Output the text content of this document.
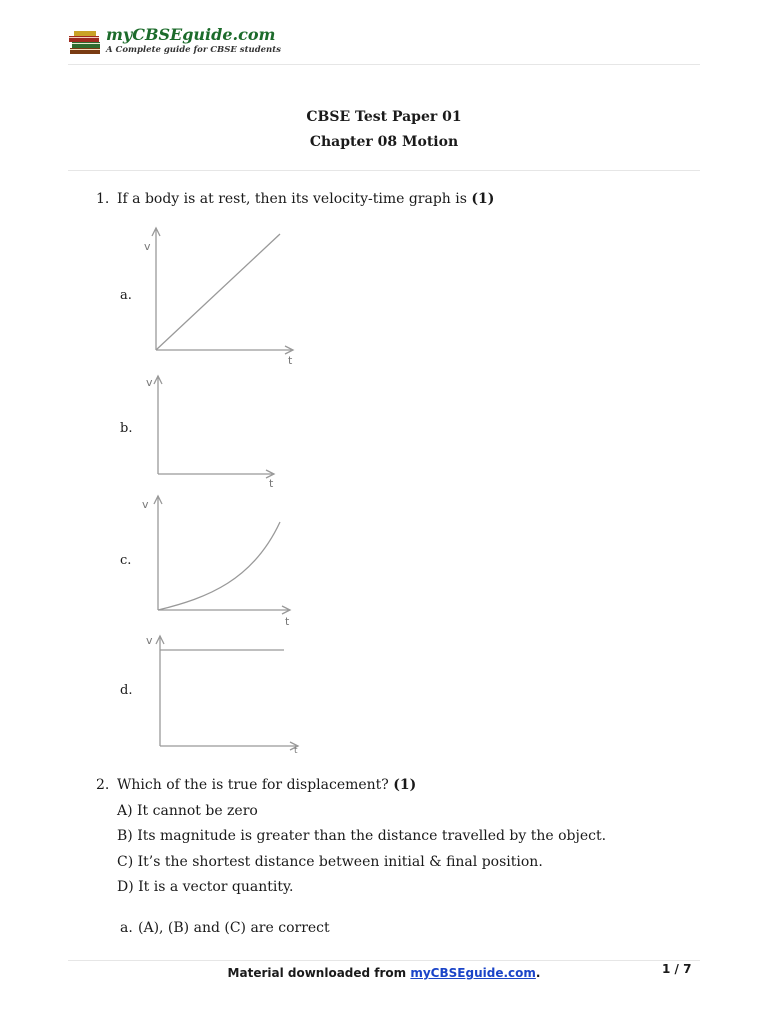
myCBSEguide.com
A Complete guide for CBSE students
CBSE Test Paper 01
Chapter 08 Motion
1. If a body is at rest, then its velocity-time graph is (1)
a.
v
t
b.
v
t
c.
v
t
d.
v
t
2. Which of the is true for displacement? (1)
A) It cannot be zero
B) Its magnitude is greater than the distance travelled by the object.
C) It’s the shortest distance between initial & final position.
D) It is a vector quantity.
a. (A), (B) and (C) are correct
Material downloaded from myCBSEguide.com.	1 / 7
